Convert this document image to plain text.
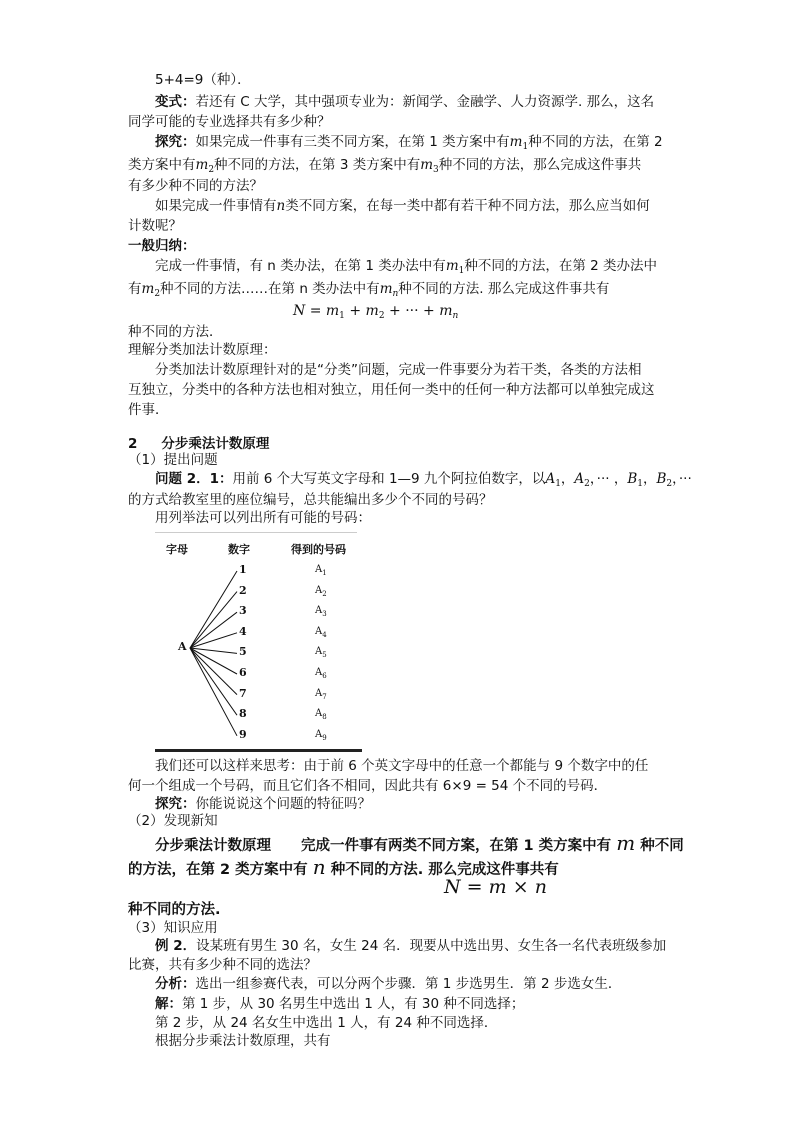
5+4=9（种）．
变式：若还有 C 大学，其中强项专业为：新闻学、金融学、人力资源学. 那么，这名
同学可能的专业选择共有多少种？
探究：如果完成一件事有三类不同方案，在第 1 类方案中有$m_1$种不同的方法，在第 2
类方案中有$m_2$种不同的方法，在第 3 类方案中有$m_3$种不同的方法，那么完成这件事共
有多少种不同的方法？
如果完成一件事情有n类不同方案，在每一类中都有若干种不同方法，那么应当如何
计数呢？
一般归纳：
完成一件事情，有 n 类办法，在第 1 类办法中有$m_1$种不同的方法，在第 2 类办法中
有$m_2$种不同的方法……在第 n 类办法中有$m_n$种不同的方法. 那么完成这件事共有
$N = m_1 + m_2$ + ··· + $m_n$
种不同的方法．
理解分类加法计数原理：
分类加法计数原理针对的是“分类”问题，完成一件事要分为若干类，各类的方法相
互独立，分类中的各种方法也相对独立，用任何一类中的任何一种方法都可以单独完成这
件事．
2 分步乘法计数原理
（1）提出问题
问题 2．1：用前 6 个大写英文字母和 1—9 九个阿拉伯数字，以$A_1$，$A_2$，··· ，$B_1$，$B_2$，···
的方式给教室里的座位编号，总共能编出多少个不同的号码？
用列举法可以列出所有可能的号码：
字母	数字	得到的号码
A
1	$A_1$
2	$A_2$
3	$A_3$
4	$A_4$
5	$A_5$
6	$A_6$
7	$A_7$
8	$A_8$
9	$A_9$
我们还可以这样来思考：由于前 6 个英文字母中的任意一个都能与 9 个数字中的任
何一个组成一个号码，而且它们各不相同，因此共有 6×9 = 54 个不同的号码．
探究：你能说说这个问题的特征吗？
（2）发现新知
分步乘法计数原理 完成一件事有两类不同方案，在第 1 类方案中有 m 种不同
的方法，在第 2 类方案中有 n 种不同的方法. 那么完成这件事共有
N = m × n
种不同的方法.
（3）知识应用
例 2．设某班有男生 30 名，女生 24 名．现要从中选出男、女生各一名代表班级参加
比赛，共有多少种不同的选法？
分析：选出一组参赛代表，可以分两个步骤．第 1 步选男生．第 2 步选女生．
解：第 1 步，从 30 名男生中选出 1 人，有 30 种不同选择；
第 2 步，从 24 名女生中选出 1 人，有 24 种不同选择．
根据分步乘法计数原理，共有
